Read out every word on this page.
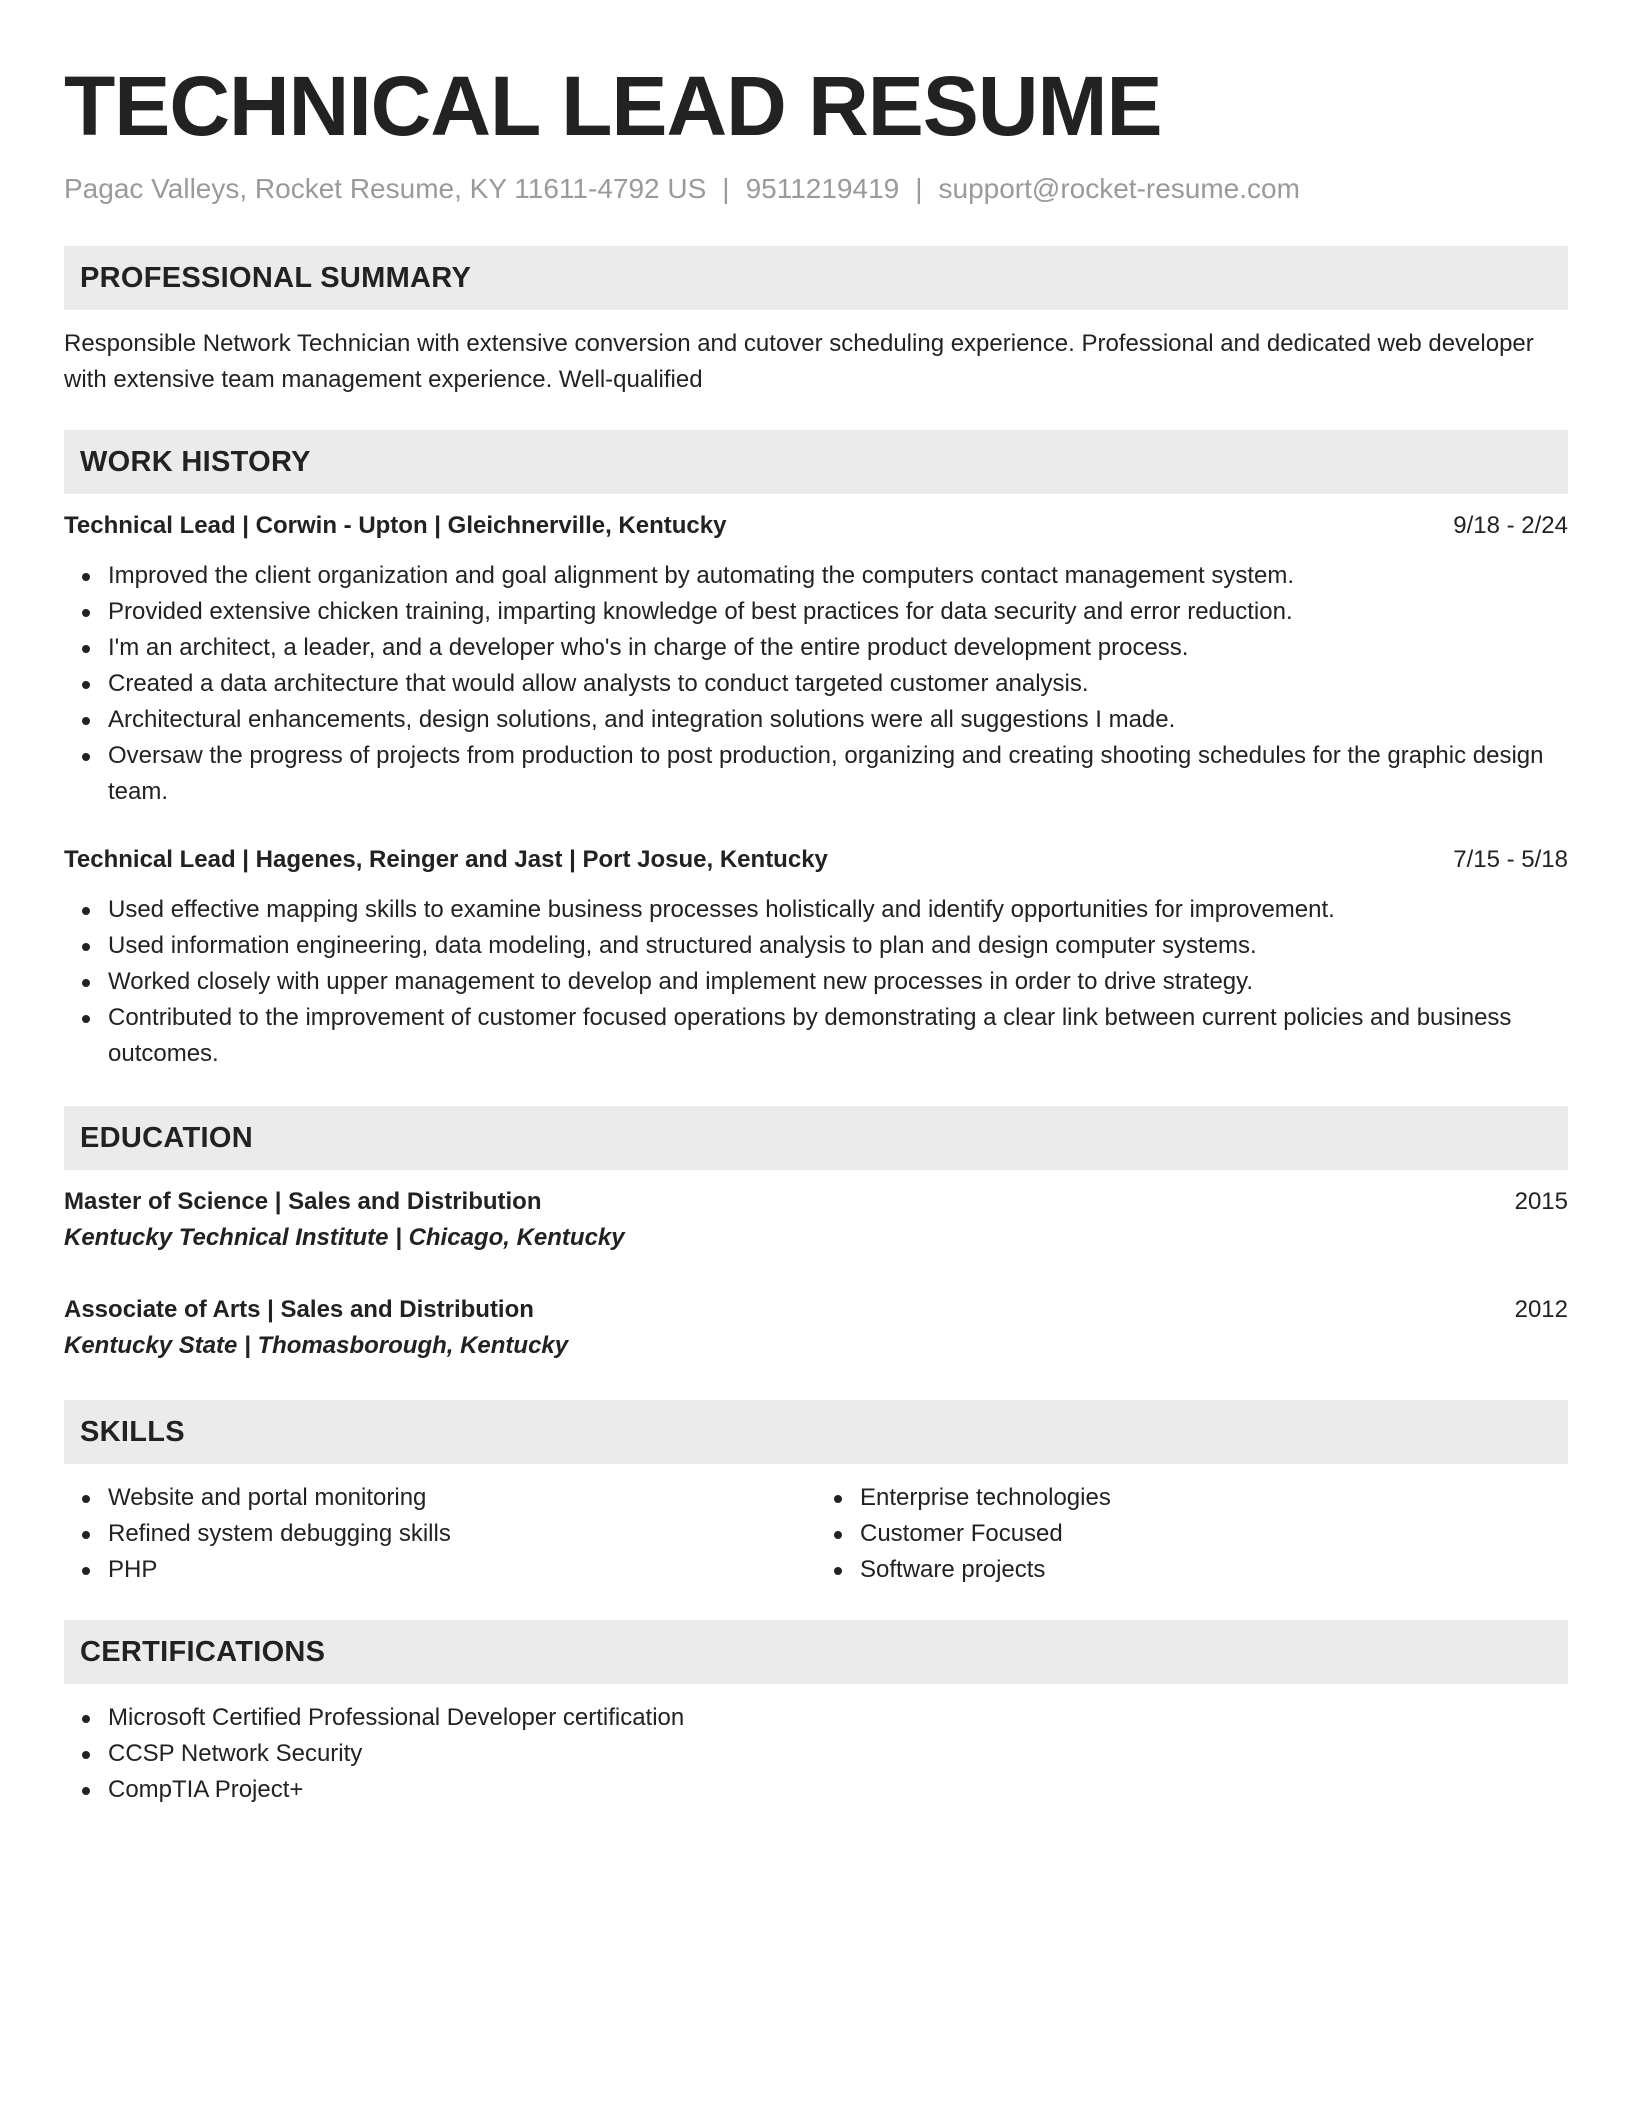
TECHNICAL LEAD RESUME
Pagac Valleys, Rocket Resume, KY 11611-4792 US | 9511219419 | support@rocket-resume.com
PROFESSIONAL SUMMARY

Responsible Network Technician with extensive conversion and cutover scheduling experience. Professional and dedicated web developer with extensive team management experience. Well-qualified

WORK HISTORY
Technical Lead | Corwin - Upton | Gleichnerville, Kentucky	9/18 - 2/24
Improved the client organization and goal alignment by automating the computers contact management system.
Provided extensive chicken training, imparting knowledge of best practices for data security and error reduction.
I'm an architect, a leader, and a developer who's in charge of the entire product development process.
Created a data architecture that would allow analysts to conduct targeted customer analysis.
Architectural enhancements, design solutions, and integration solutions were all suggestions I made.
Oversaw the progress of projects from production to post production, organizing and creating shooting schedules for the graphic design team.
Technical Lead | Hagenes, Reinger and Jast | Port Josue, Kentucky	7/15 - 5/18
Used effective mapping skills to examine business processes holistically and identify opportunities for improvement.
Used information engineering, data modeling, and structured analysis to plan and design computer systems.
Worked closely with upper management to develop and implement new processes in order to drive strategy.
Contributed to the improvement of customer focused operations by demonstrating a clear link between current policies and business outcomes.
EDUCATION
Master of Science | Sales and Distribution	2015
Kentucky Technical Institute | Chicago, Kentucky
Associate of Arts | Sales and Distribution	2012
Kentucky State | Thomasborough, Kentucky
SKILLS
Website and portal monitoring
Refined system debugging skills
PHP
Enterprise technologies
Customer Focused
Software projects
CERTIFICATIONS
Microsoft Certified Professional Developer certification
CCSP Network Security
CompTIA Project+
